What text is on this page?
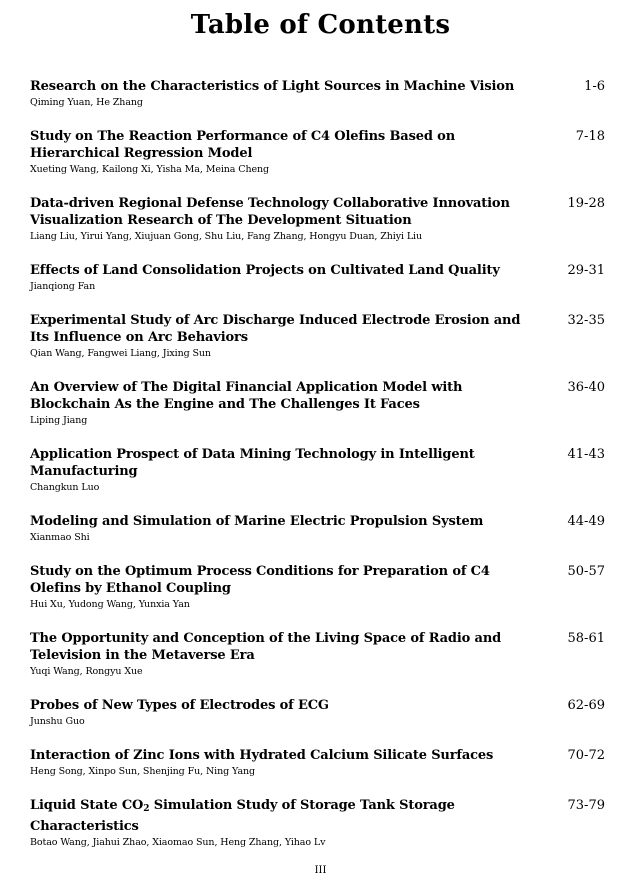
Table of Contents
Research on the Characteristics of Light Sources in Machine Vision
Qiming Yuan, He Zhang
1-6
Study on The Reaction Performance of C4 Olefins Based on Hierarchical Regression Model
Xueting Wang, Kailong Xi, Yisha Ma, Meina Cheng
7-18
Data-driven Regional Defense Technology Collaborative Innovation Visualization Research of The Development Situation
Liang Liu, Yirui Yang, Xiujuan Gong, Shu Liu, Fang Zhang, Hongyu Duan, Zhiyi Liu
19-28
Effects of Land Consolidation Projects on Cultivated Land Quality
Jianqiong Fan
29-31
Experimental Study of Arc Discharge Induced Electrode Erosion and Its Influence on Arc Behaviors
Qian Wang, Fangwei Liang, Jixing Sun
32-35
An Overview of The Digital Financial Application Model with Blockchain As the Engine and The Challenges It Faces
Liping Jiang
36-40
Application Prospect of Data Mining Technology in Intelligent Manufacturing
Changkun Luo
41-43
Modeling and Simulation of Marine Electric Propulsion System
Xianmao Shi
44-49
Study on the Optimum Process Conditions for Preparation of C4 Olefins by Ethanol Coupling
Hui Xu, Yudong Wang, Yunxia Yan
50-57
The Opportunity and Conception of the Living Space of Radio and Television in the Metaverse Era
Yuqi Wang, Rongyu Xue
58-61
Probes of New Types of Electrodes of ECG
Junshu Guo
62-69
Interaction of Zinc Ions with Hydrated Calcium Silicate Surfaces
Heng Song, Xinpo Sun, Shenjing Fu, Ning Yang
70-72
Liquid State $CO_2$ Simulation Study of Storage Tank Storage Characteristics
Botao Wang, Jiahui Zhao, Xiaomao Sun, Heng Zhang, Yihao Lv
73-79
III
